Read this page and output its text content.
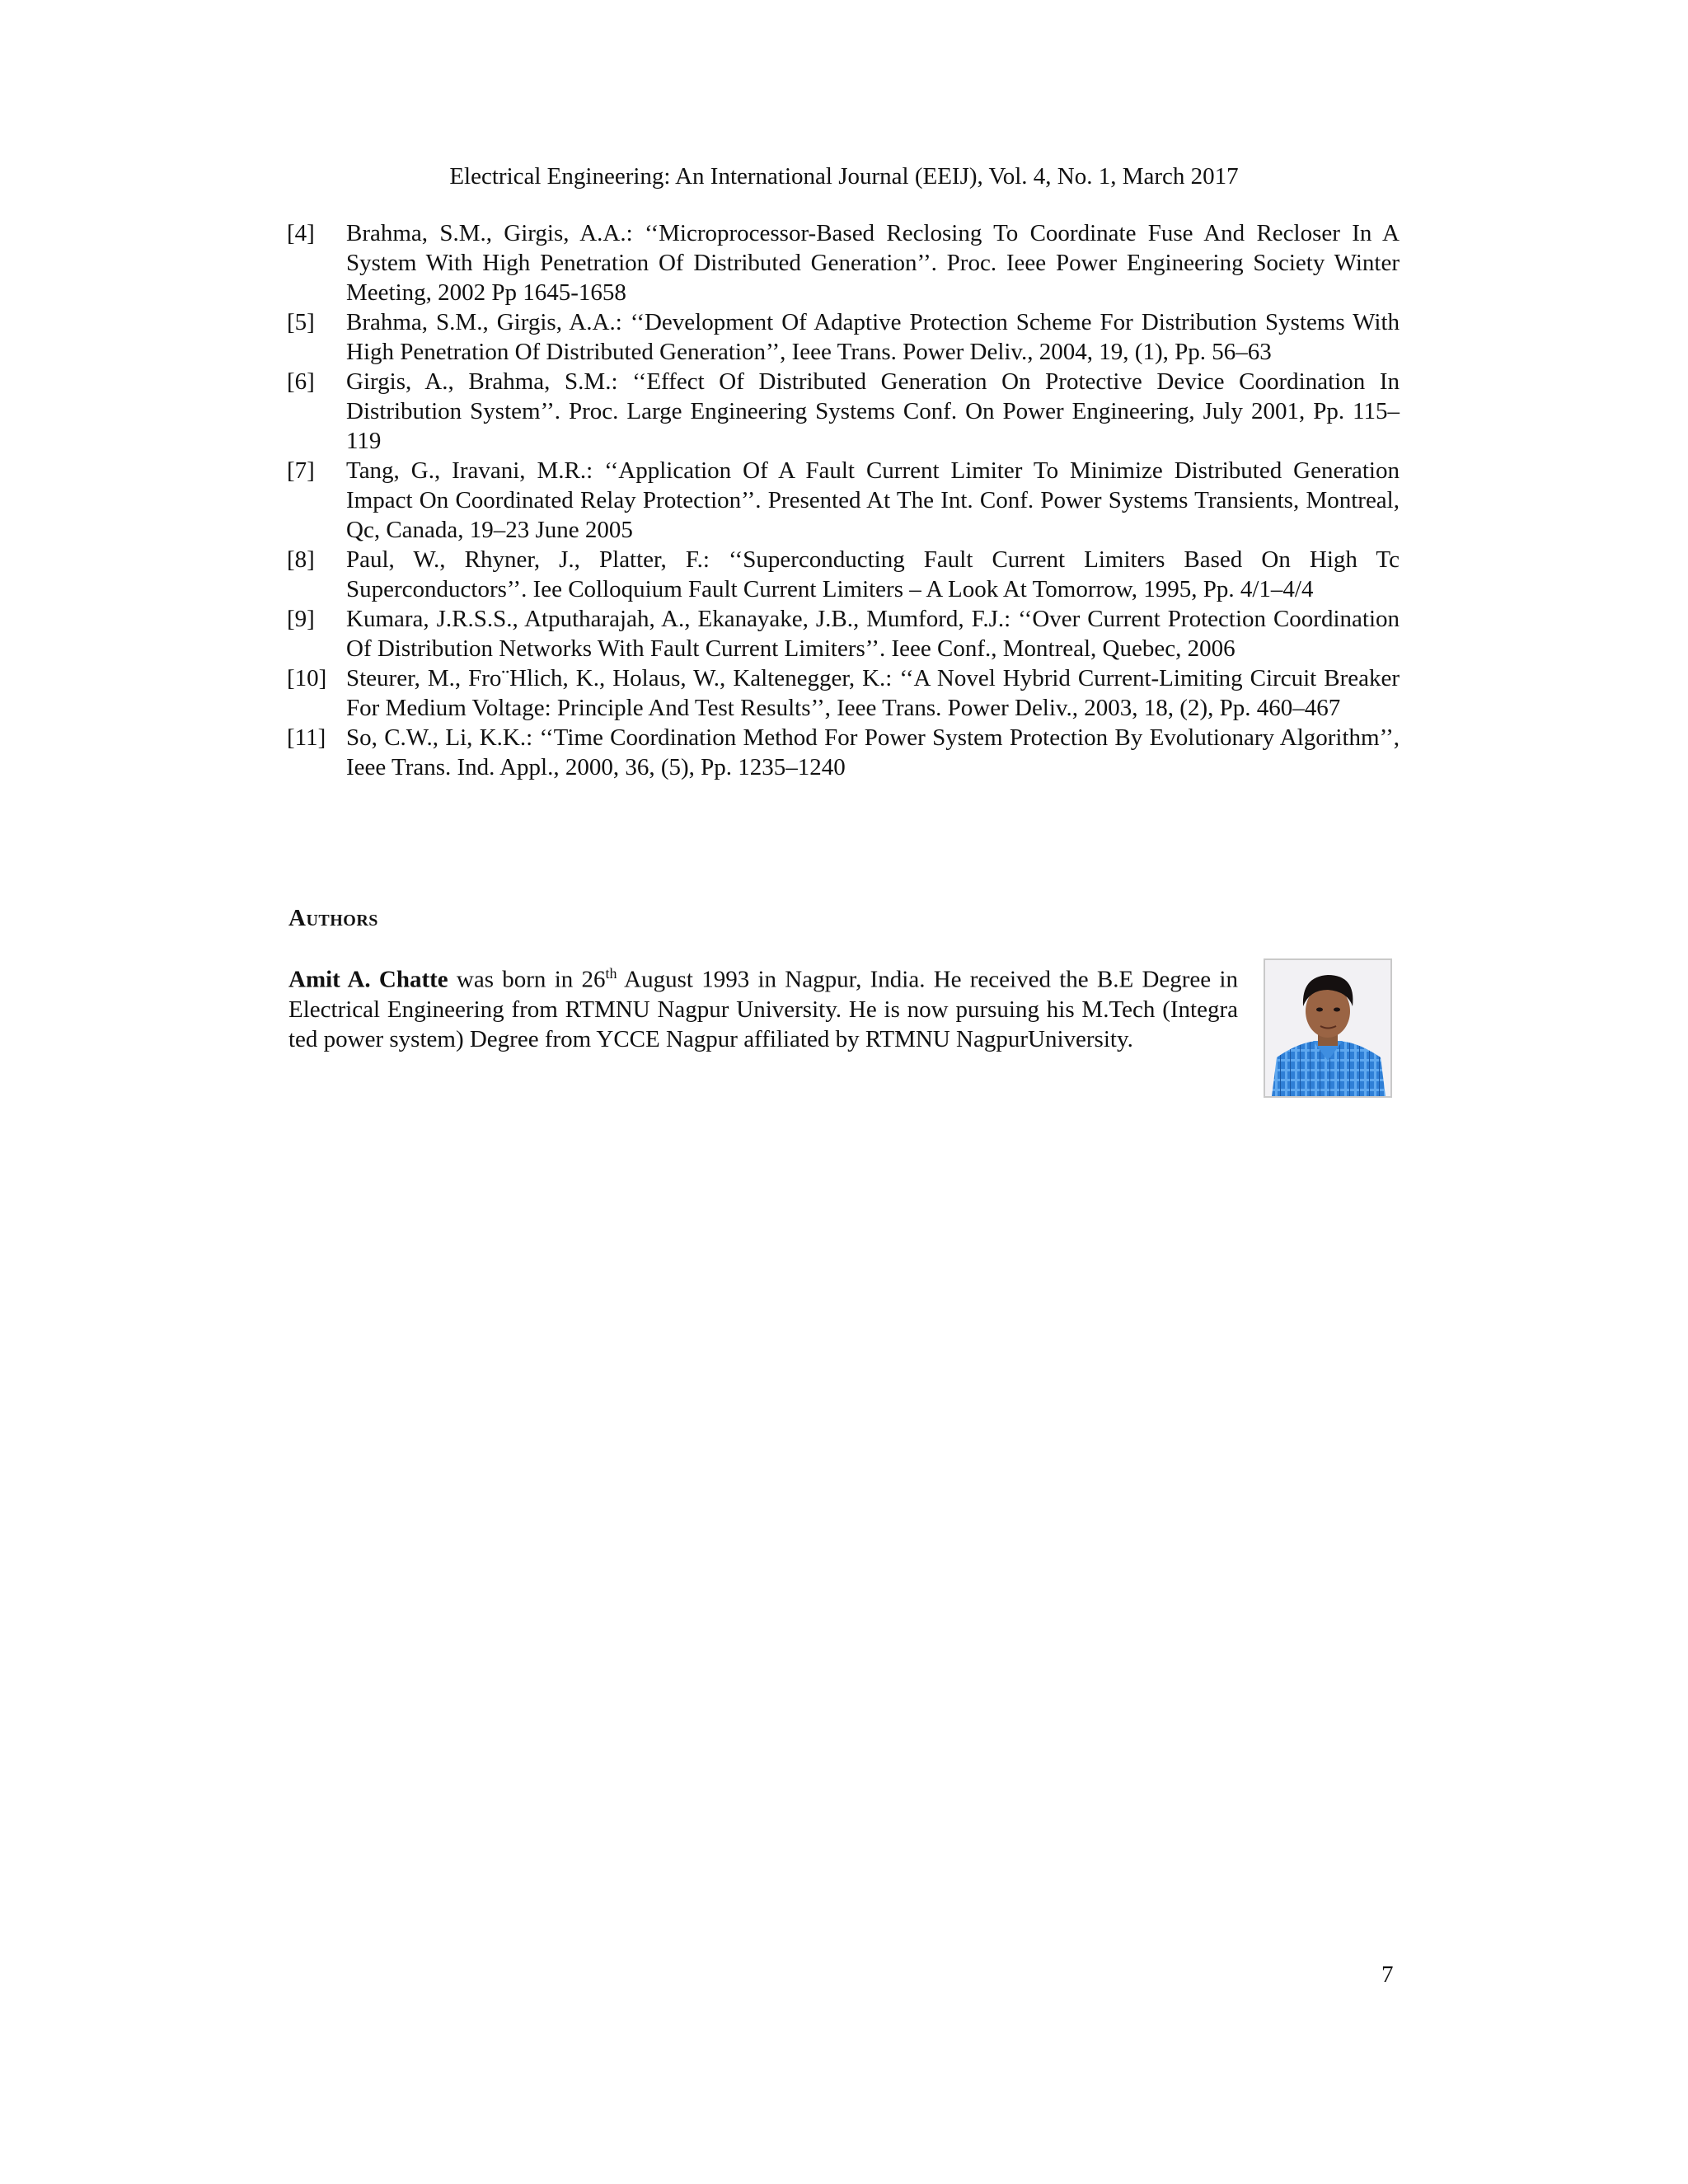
Electrical Engineering: An International Journal (EEIJ), Vol. 4, No. 1, March 2017
[4] Brahma, S.M., Girgis, A.A.: ‘‘Microprocessor-Based Reclosing To Coordinate Fuse And Recloser In A System With High Penetration Of Distributed Generation’’. Proc. Ieee Power Engineering Society Winter Meeting, 2002 Pp 1645-1658
[5] Brahma, S.M., Girgis, A.A.: ‘‘Development Of Adaptive Protection Scheme For Distribution Systems With High Penetration Of Distributed Generation’’, Ieee Trans. Power Deliv., 2004, 19, (1), Pp. 56–63
[6] Girgis, A., Brahma, S.M.: ‘‘Effect Of Distributed Generation On Protective Device Coordination In Distribution System’’. Proc. Large Engineering Systems Conf. On Power Engineering, July 2001, Pp. 115–119
[7] Tang, G., Iravani, M.R.: ‘‘Application Of A Fault Current Limiter To Minimize Distributed Generation Impact On Coordinated Relay Protection’’. Presented At The Int. Conf. Power Systems Transients, Montreal, Qc, Canada, 19–23 June 2005
[8] Paul, W., Rhyner, J., Platter, F.: ‘‘Superconducting Fault Current Limiters Based On High Tc Superconductors’’. Iee Colloquium Fault Current Limiters – A Look At Tomorrow, 1995, Pp. 4/1–4/4
[9] Kumara, J.R.S.S., Atputharajah, A., Ekanayake, J.B., Mumford, F.J.: ‘‘Over Current Protection Coordination Of Distribution Networks With Fault Current Limiters’’. Ieee Conf., Montreal, Quebec, 2006
[10] Steurer, M., Fro¨Hlich, K., Holaus, W., Kaltenegger, K.: ‘‘A Novel Hybrid Current-Limiting Circuit Breaker For Medium Voltage: Principle And Test Results’’, Ieee Trans. Power Deliv., 2003, 18, (2), Pp. 460–467
[11] So, C.W., Li, K.K.: ‘‘Time Coordination Method For Power System Protection By Evolutionary Algorithm’’, Ieee Trans. Ind. Appl., 2000, 36, (5), Pp. 1235–1240
Authors
Amit A. Chatte was born in 26th August 1993 in Nagpur, India. He received the B.E Degree in Electrical Engineering from RTMNU Nagpur University. He is now pursuing his M.Tech (Integra ted power system) Degree from YCCE Nagpur affiliated by RTMNU NagpurUniversity.
7
